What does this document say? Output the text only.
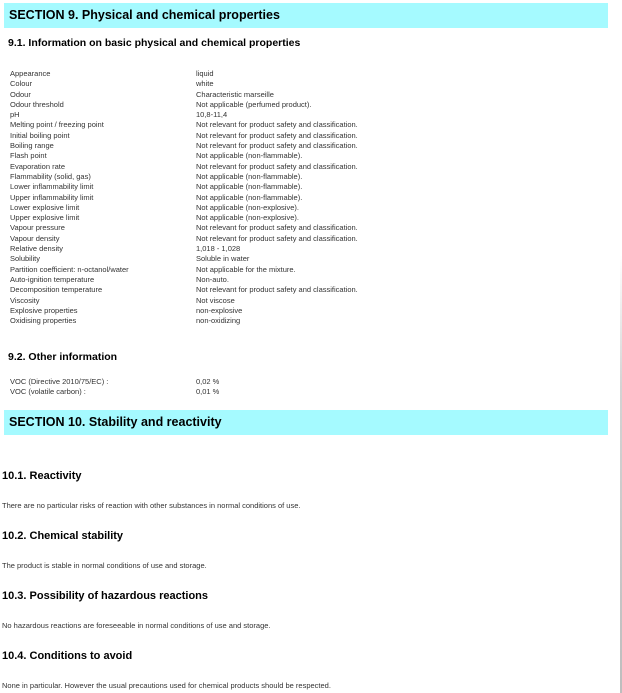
SECTION 9. Physical and chemical properties
9.1. Information on basic physical and chemical properties
Appearance	liquid
Colour	white
Odour	Characteristic marseille
Odour threshold	Not applicable (perfumed product).
pH	10,8-11,4
Melting point / freezing point	Not relevant for product safety and classification.
Initial boiling point	Not relevant for product safety and classification.
Boiling range	Not relevant for product safety and classification.
Flash point	Not applicable (non-flammable).
Evaporation rate	Not relevant for product safety and classification.
Flammability (solid, gas)	Not applicable (non-flammable).
Lower inflammability limit	Not applicable (non-flammable).
Upper inflammability limit	Not applicable (non-flammable).
Lower explosive limit	Not applicable (non-explosive).
Upper explosive limit	Not applicable (non-explosive).
Vapour pressure	Not relevant for product safety and classification.
Vapour density	Not relevant for product safety and classification.
Relative density	1,018 - 1,028
Solubility	Soluble in water
Partition coefficient: n-octanol/water	Not applicable for the mixture.
Auto-ignition temperature	Non-auto.
Decomposition temperature	Not relevant for product safety and classification.
Viscosity	Not viscose
Explosive properties	non-explosive
Oxidising properties	non-oxidizing
9.2. Other information
VOC (Directive 2010/75/EC) :	0,02 %
VOC (volatile carbon) :	0,01 %
SECTION 10. Stability and reactivity
10.1. Reactivity

There are no particular risks of reaction with other substances in normal conditions of use.

10.2. Chemical stability

The product is stable in normal conditions of use and storage.

10.3. Possibility of hazardous reactions

No hazardous reactions are foreseeable in normal conditions of use and storage.

10.4. Conditions to avoid

None in particular. However the usual precautions used for chemical products should be respected.
